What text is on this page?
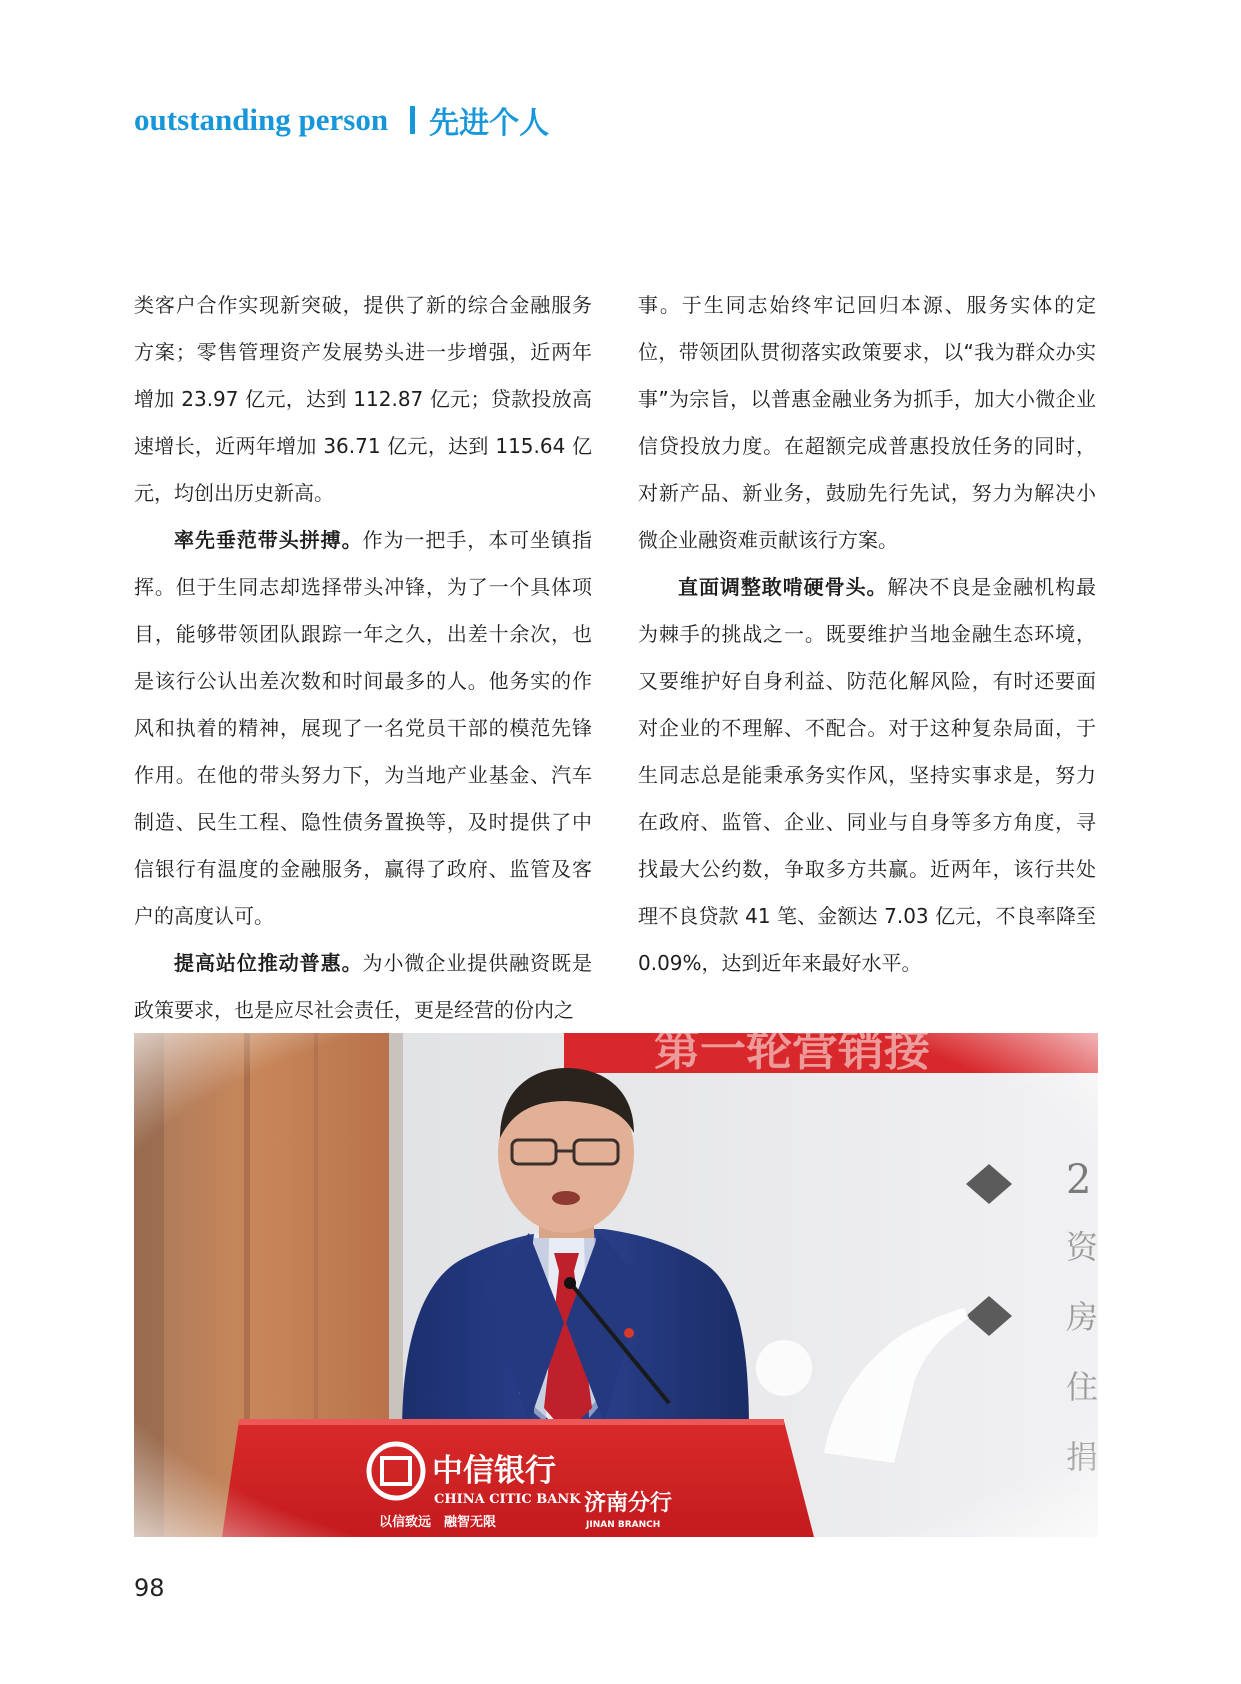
outstanding person 先进个人

类客户合作实现新突破，提供了新的综合金融服务方案；零售管理资产发展势头进一步增强，近两年增加 23.97 亿元，达到 112.87 亿元；贷款投放高速增长，近两年增加 36.71 亿元，达到 115.64 亿元，均创出历史新高。

率先垂范带头拼搏。作为一把手，本可坐镇指挥。但于生同志却选择带头冲锋，为了一个具体项目，能够带领团队跟踪一年之久，出差十余次，也是该行公认出差次数和时间最多的人。他务实的作风和执着的精神，展现了一名党员干部的模范先锋作用。在他的带头努力下，为当地产业基金、汽车制造、民生工程、隐性债务置换等，及时提供了中信银行有温度的金融服务，赢得了政府、监管及客户的高度认可。

提高站位推动普惠。为小微企业提供融资既是政策要求，也是应尽社会责任，更是经营的份内之

事。于生同志始终牢记回归本源、服务实体的定位，带领团队贯彻落实政策要求，以“我为群众办实事”为宗旨，以普惠金融业务为抓手，加大小微企业信贷投放力度。在超额完成普惠投放任务的同时，对新产品、新业务，鼓励先行先试，努力为解决小微企业融资难贡献该行方案。

直面调整敢啃硬骨头。解决不良是金融机构最为棘手的挑战之一。既要维护当地金融生态环境，又要维护好自身利益、防范化解风险，有时还要面对企业的不理解、不配合。对于这种复杂局面，于生同志总是能秉承务实作风，坚持实事求是，努力在政府、监管、企业、同业与自身等多方角度，寻找最大公约数，争取多方共赢。近两年，该行共处理不良贷款 41 笔、金额达 7.03 亿元，不良率降至 0.09%，达到近年来最好水平。

98
